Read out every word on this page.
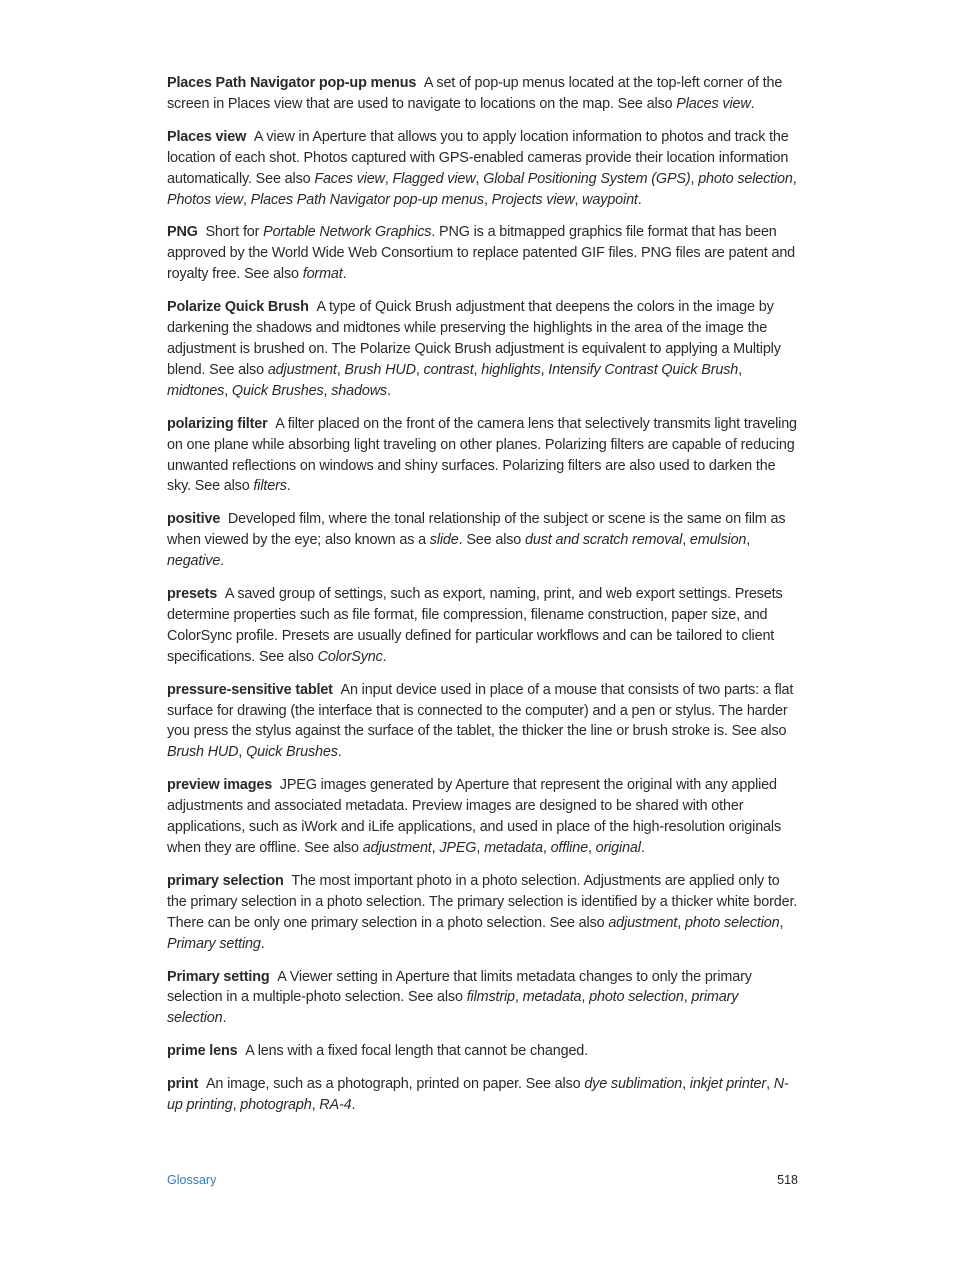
Places Path Navigator pop-up menus A set of pop-up menus located at the top-left corner of the screen in Places view that are used to navigate to locations on the map. See also Places view.

Places view A view in Aperture that allows you to apply location information to photos and track the location of each shot. Photos captured with GPS-enabled cameras provide their location information automatically. See also Faces view, Flagged view, Global Positioning System (GPS), photo selection, Photos view, Places Path Navigator pop-up menus, Projects view, waypoint.

PNG Short for Portable Network Graphics. PNG is a bitmapped graphics file format that has been approved by the World Wide Web Consortium to replace patented GIF files. PNG files are patent and royalty free. See also format.

Polarize Quick Brush A type of Quick Brush adjustment that deepens the colors in the image by darkening the shadows and midtones while preserving the highlights in the area of the image the adjustment is brushed on. The Polarize Quick Brush adjustment is equivalent to applying a Multiply blend. See also adjustment, Brush HUD, contrast, highlights, Intensify Contrast Quick Brush, midtones, Quick Brushes, shadows.

polarizing filter A filter placed on the front of the camera lens that selectively transmits light traveling on one plane while absorbing light traveling on other planes. Polarizing filters are capable of reducing unwanted reflections on windows and shiny surfaces. Polarizing filters are also used to darken the sky. See also filters.

positive Developed film, where the tonal relationship of the subject or scene is the same on film as when viewed by the eye; also known as a slide. See also dust and scratch removal, emulsion, negative.

presets A saved group of settings, such as export, naming, print, and web export settings. Presets determine properties such as file format, file compression, filename construction, paper size, and ColorSync profile. Presets are usually defined for particular workflows and can be tailored to client specifications. See also ColorSync.

pressure-sensitive tablet An input device used in place of a mouse that consists of two parts: a flat surface for drawing (the interface that is connected to the computer) and a pen or stylus. The harder you press the stylus against the surface of the tablet, the thicker the line or brush stroke is. See also Brush HUD, Quick Brushes.

preview images JPEG images generated by Aperture that represent the original with any applied adjustments and associated metadata. Preview images are designed to be shared with other applications, such as iWork and iLife applications, and used in place of the high-resolution originals when they are offline. See also adjustment, JPEG, metadata, offline, original.

primary selection The most important photo in a photo selection. Adjustments are applied only to the primary selection in a photo selection. The primary selection is identified by a thicker white border. There can be only one primary selection in a photo selection. See also adjustment, photo selection, Primary setting.

Primary setting A Viewer setting in Aperture that limits metadata changes to only the primary selection in a multiple-photo selection. See also filmstrip, metadata, photo selection, primary selection.

prime lens A lens with a fixed focal length that cannot be changed.

print An image, such as a photograph, printed on paper. See also dye sublimation, inkjet printer, N-up printing, photograph, RA-4.

Glossary	518
